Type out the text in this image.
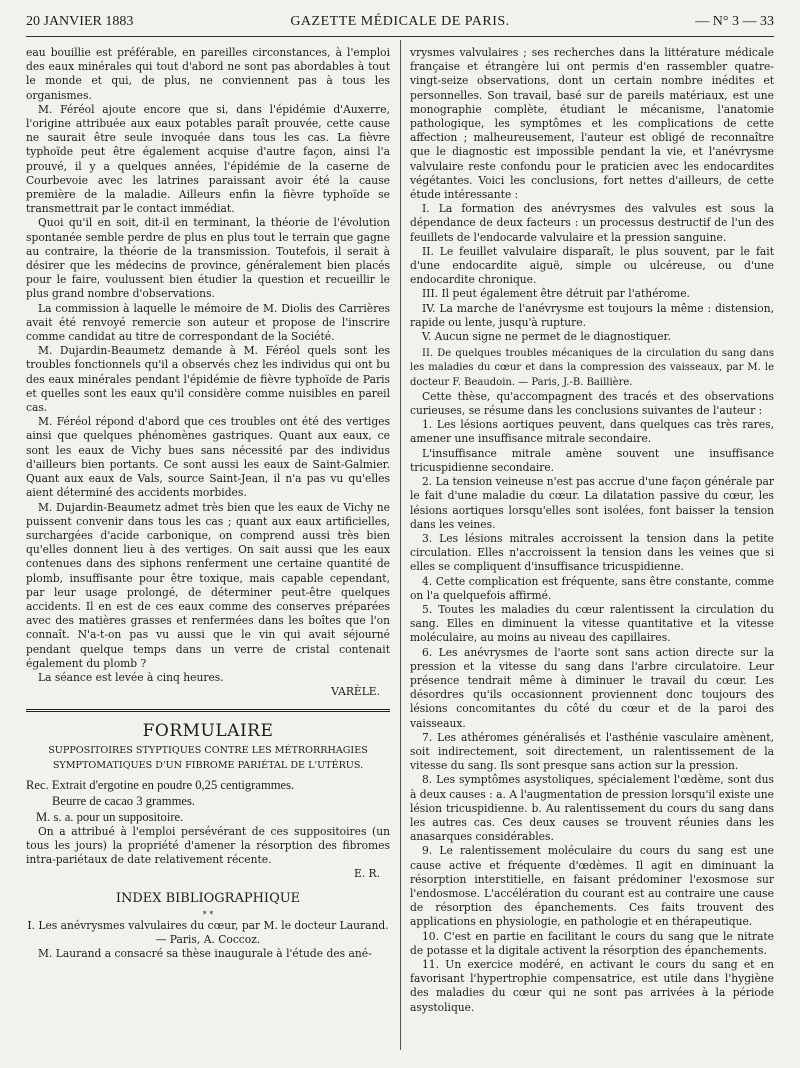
20 JANVIER 1883	GAZETTE MÉDICALE DE PARIS.	— N° 3 — 33

eau bouillie est préférable, en pareilles circonstances, à l'emploi des eaux minérales qui tout d'abord ne sont pas abordables à tout le monde et qui, de plus, ne conviennent pas à tous les organismes.

M. Féréol ajoute encore que si, dans l'épidémie d'Auxerre, l'origine attribuée aux eaux potables paraît prouvée, cette cause ne saurait être seule invoquée dans tous les cas. La fièvre typhoïde peut être également acquise d'autre façon, ainsi l'a prouvé, il y a quelques années, l'épidémie de la caserne de Courbevoie avec les latrines paraissant avoir été la cause première de la maladie. Ailleurs enfin la fièvre typhoïde se transmettrait par le contact immédiat.

Quoi qu'il en soit, dit-il en terminant, la théorie de l'évolution spontanée semble perdre de plus en plus tout le terrain que gagne au contraire, la théorie de la transmission. Toutefois, il serait à désirer que les médecins de province, généralement bien placés pour le faire, voulussent bien étudier la question et recueillir le plus grand nombre d'observations.

La commission à laquelle le mémoire de M. Diolis des Carrières avait été renvoyé remercie son auteur et propose de l'inscrire comme candidat au titre de correspondant de la Société.

M. Dujardin-Beaumetz demande à M. Féréol quels sont les troubles fonctionnels qu'il a observés chez les individus qui ont bu des eaux minérales pendant l'épidémie de fièvre typhoïde de Paris et quelles sont les eaux qu'il considère comme nuisibles en pareil cas.

M. Féréol répond d'abord que ces troubles ont été des vertiges ainsi que quelques phénomènes gastriques. Quant aux eaux, ce sont les eaux de Vichy bues sans nécessité par des individus d'ailleurs bien portants. Ce sont aussi les eaux de Saint-Galmier. Quant aux eaux de Vals, source Saint-Jean, il n'a pas vu qu'elles aient déterminé des accidents morbides.

M. Dujardin-Beaumetz admet très bien que les eaux de Vichy ne puissent convenir dans tous les cas ; quant aux eaux artificielles, surchargées d'acide carbonique, on comprend aussi très bien qu'elles donnent lieu à des vertiges. On sait aussi que les eaux contenues dans des siphons renferment une certaine quantité de plomb, insuffisante pour être toxique, mais capable cependant, par leur usage prolongé, de déterminer peut-être quelques accidents. Il en est de ces eaux comme des conserves préparées avec des matières grasses et renfermées dans les boîtes que l'on connaît. N'a-t-on pas vu aussi que le vin qui avait séjourné pendant quelque temps dans un verre de cristal contenait également du plomb ?

La séance est levée à cinq heures.

VARÈLE.

FORMULAIRE

SUPPOSITOIRES STYPTIQUES CONTRE LES MÉTRORRHAGIES SYMPTOMATIQUES D'UN FIBROME PARIÉTAL DE L'UTÉRUS.

Rec. Extrait d'ergotine en poudre 0,25 centigrammes.

Beurre de cacao 3 grammes.

M. s. a. pour un suppositoire.

On a attribué à l'emploi persévérant de ces suppositoires (un tous les jours) la propriété d'amener la résorption des fibromes intra-pariétaux de date relativement récente.

E. R.

INDEX BIBLIOGRAPHIQUE

* *

I. Les anévrysmes valvulaires du cœur, par M. le docteur Laurand. — Paris, A. Coccoz.

M. Laurand a consacré sa thèse inaugurale à l'étude des ané-

vrysmes valvulaires ; ses recherches dans la littérature médicale française et étrangère lui ont permis d'en rassembler quatre-vingt-seize observations, dont un certain nombre inédites et personnelles. Son travail, basé sur de pareils matériaux, est une monographie complète, étudiant le mécanisme, l'anatomie pathologique, les symptômes et les complications de cette affection ; malheureusement, l'auteur est obligé de reconnaître que le diagnostic est impossible pendant la vie, et l'anévrysme valvulaire reste confondu pour le praticien avec les endocardites végétantes. Voici les conclusions, fort nettes d'ailleurs, de cette étude intéressante :

I. La formation des anévrysmes des valvules est sous la dépendance de deux facteurs : un processus destructif de l'un des feuillets de l'endocarde valvulaire et la pression sanguine.

II. Le feuillet valvulaire disparaît, le plus souvent, par le fait d'une endocardite aiguë, simple ou ulcéreuse, ou d'une endocardite chronique.

III. Il peut également être détruit par l'athérome.

IV. La marche de l'anévrysme est toujours la même : distension, rapide ou lente, jusqu'à rupture.

V. Aucun signe ne permet de le diagnostiquer.

II. De quelques troubles mécaniques de la circulation du sang dans les maladies du cœur et dans la compression des vaisseaux, par M. le docteur F. Beaudoin. — Paris, J.-B. Baillière.

Cette thèse, qu'accompagnent des tracés et des observations curieuses, se résume dans les conclusions suivantes de l'auteur :

1. Les lésions aortiques peuvent, dans quelques cas très rares, amener une insuffisance mitrale secondaire.

L'insuffisance mitrale amène souvent une insuffisance tricuspidienne secondaire.

2. La tension veineuse n'est pas accrue d'une façon générale par le fait d'une maladie du cœur. La dilatation passive du cœur, les lésions aortiques lorsqu'elles sont isolées, font baisser la tension dans les veines.

3. Les lésions mitrales accroissent la tension dans la petite circulation. Elles n'accroissent la tension dans les veines que si elles se compliquent d'insuffisance tricuspidienne.

4. Cette complication est fréquente, sans être constante, comme on l'a quelquefois affirmé.

5. Toutes les maladies du cœur ralentissent la circulation du sang. Elles en diminuent la vitesse quantitative et la vitesse moléculaire, au moins au niveau des capillaires.

6. Les anévrysmes de l'aorte sont sans action directe sur la pression et la vitesse du sang dans l'arbre circulatoire. Leur présence tendrait même à diminuer le travail du cœur. Les désordres qu'ils occasionnent proviennent donc toujours des lésions concomitantes du côté du cœur et de la paroi des vaisseaux.

7. Les athéromes généralisés et l'asthénie vasculaire amènent, soit indirectement, soit directement, un ralentissement de la vitesse du sang. Ils sont presque sans action sur la pression.

8. Les symptômes asystoliques, spécialement l'œdème, sont dus à deux causes : a. A l'augmentation de pression lorsqu'il existe une lésion tricuspidienne. b. Au ralentissement du cours du sang dans les autres cas. Ces deux causes se trouvent réunies dans les anasarques considérables.

9. Le ralentissement moléculaire du cours du sang est une cause active et fréquente d'œdèmes. Il agit en diminuant la résorption interstitielle, en faisant prédominer l'exosmose sur l'endosmose. L'accélération du courant est au contraire une cause de résorption des épanchements. Ces faits trouvent des applications en physiologie, en pathologie et en thérapeutique.

10. C'est en partie en facilitant le cours du sang que le nitrate de potasse et la digitale activent la résorption des épanchements.

11. Un exercice modéré, en activant le cours du sang et en favorisant l'hypertrophie compensatrice, est utile dans l'hygiène des maladies du cœur qui ne sont pas arrivées à la période asystolique.
